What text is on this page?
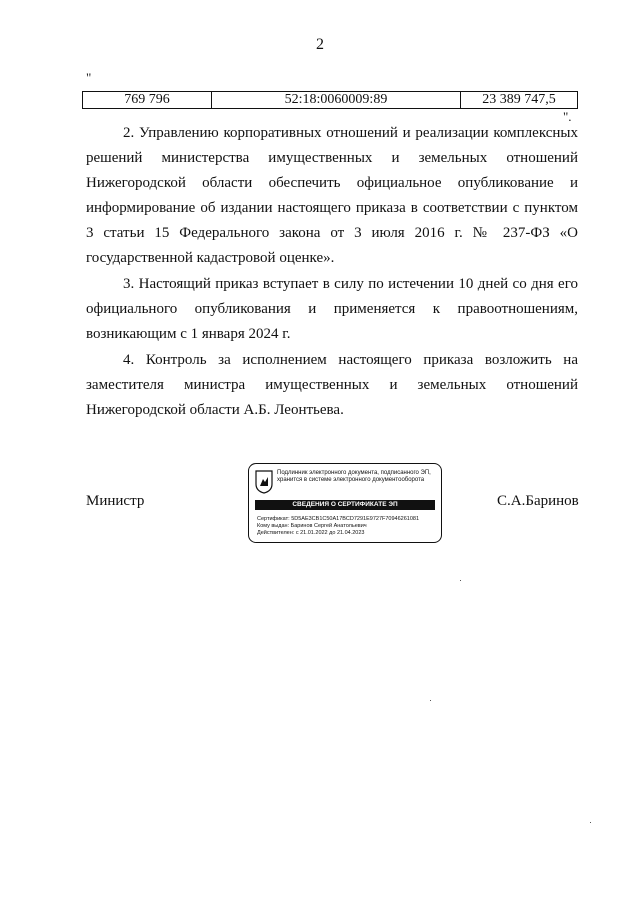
2
"
769 796	52:18:0060009:89	23 389 747,5
".
2. Управлению корпоративных отношений и реализации комплексных решений министерства имущественных и земельных отношений Нижегородской области обеспечить официальное опубликование и информирование об издании настоящего приказа в соответствии с пунктом 3 статьи 15 Федерального закона от 3 июля 2016 г. № 237-ФЗ «О государственной кадастровой оценке».
3. Настоящий приказ вступает в силу по истечении 10 дней со дня его официального опубликования и применяется к правоотношениям, возникающим с 1 января 2024 г.
4. Контроль за исполнением настоящего приказа возложить на заместителя министра имущественных и земельных отношений Нижегородской области А.Б. Леонтьева.
Министр	С.А.Баринов
Подлинник электронного документа, подписанного ЭП, хранится в системе электронного документооборота
СВЕДЕНИЯ О СЕРТИФИКАТЕ ЭП
Сертификат: 5D5AE3CB1C50A17BCD7291E9727F70946261081
Кому выдан: Баринов Сергей Анатольевич
Действителен: с 21.01.2022 до 21.04.2023
